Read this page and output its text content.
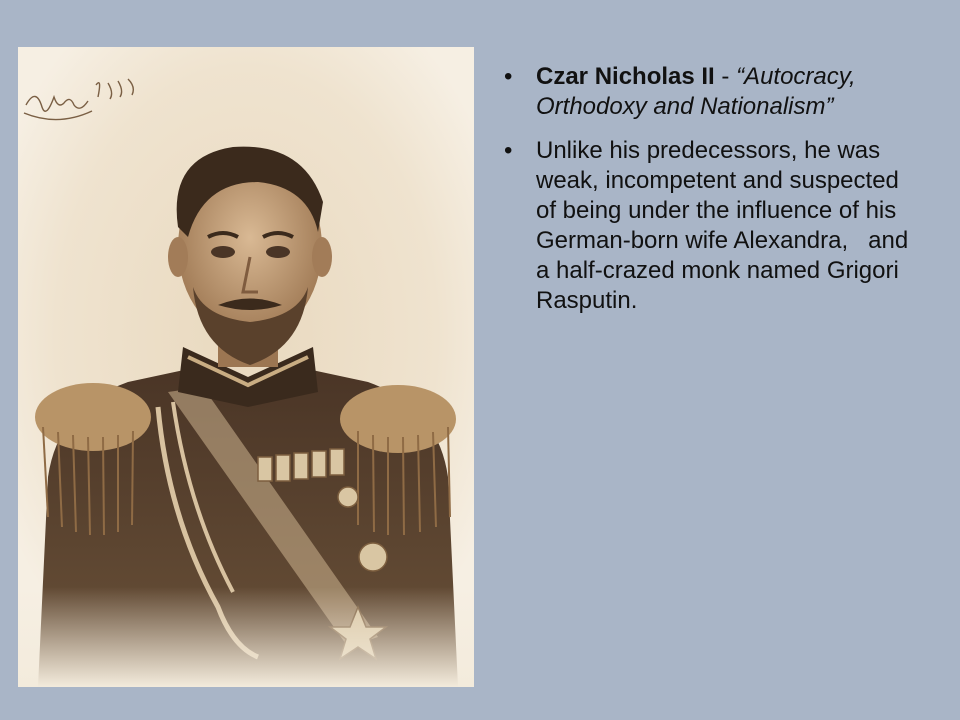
• Czar Nicholas II - “Autocracy, Orthodoxy and Nationalism”
• Unlike his predecessors, he was weak, incompetent and suspected of being under the influence of his German-born wife Alexandra,   and a half-crazed monk named Grigori Rasputin.
